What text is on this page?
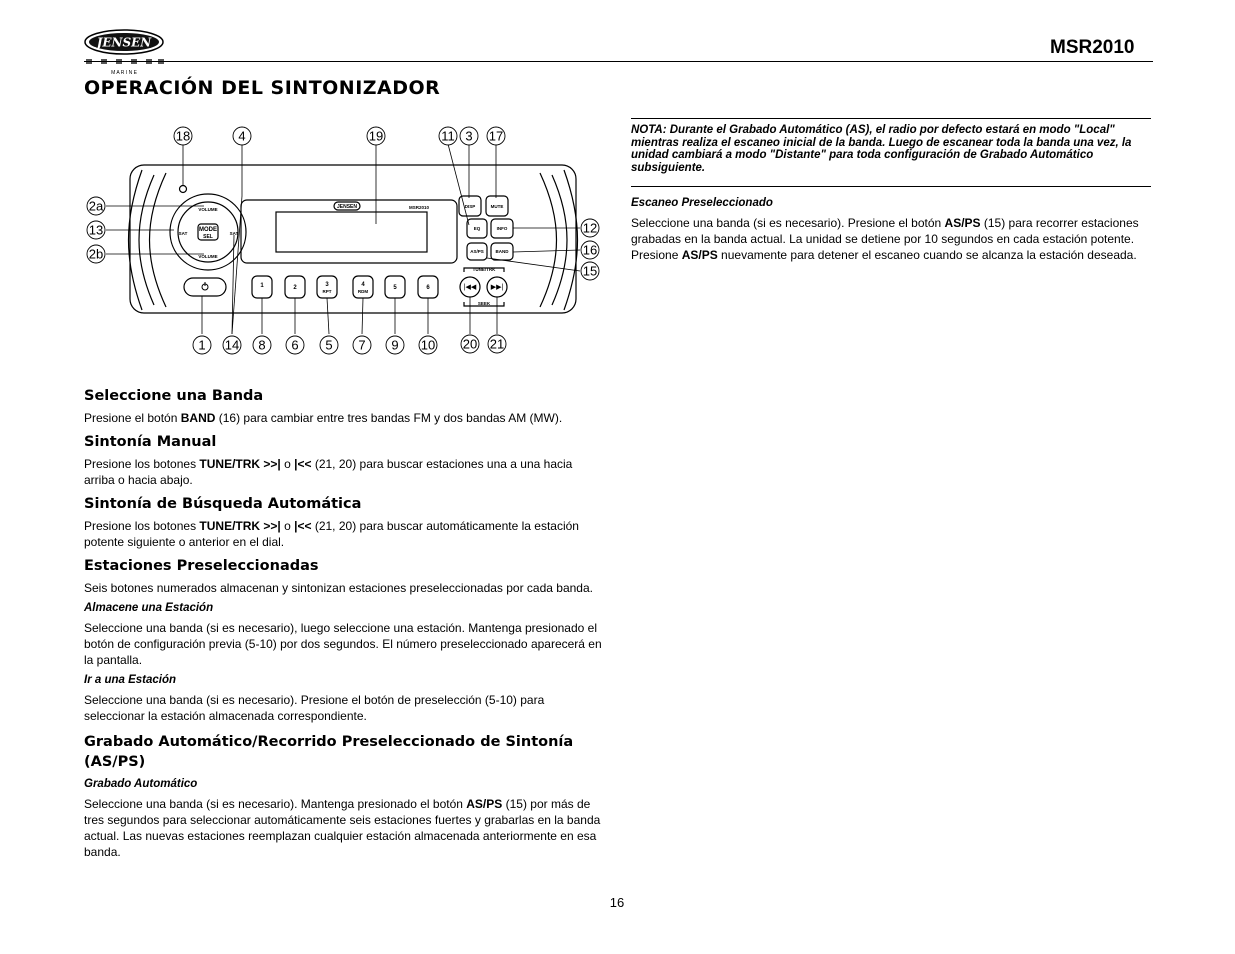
JENSEN
M A R I N E
MSR2010
OPERACIÓN DEL SINTONIZADOR
VOLUME
VOLUME
MODE
SEL
SAT	SAT
JENSEN	MSR2010	DISP	MUTE
EQ	INFO
AS/PS	BAND
TUNE/TRK
SEEK
1	2	3
RPT
4
RDM
5	6	|◀◀ ▶▶|
18	4	19	11 3 17
2a
13
2b
12
16
15
1 14 8 6 5 7 9 10 20 21
Seleccione una Banda

Presione el botón BAND (16) para cambiar entre tres bandas FM y dos bandas AM (MW).

Sintonía Manual

Presione los botones TUNE/TRK >>| o |<< (21, 20) para buscar estaciones una a una hacia arriba o hacia abajo.

Sintonía de Búsqueda Automática

Presione los botones TUNE/TRK >>| o |<< (21, 20) para buscar automáticamente la estación potente siguiente o anterior en el dial.

Estaciones Preseleccionadas

Seis botones numerados almacenan y sintonizan estaciones preseleccionadas por cada banda.

Almacene una Estación

Seleccione una banda (si es necesario), luego seleccione una estación. Mantenga presionado el botón de configuración previa (5-10) por dos segundos. El número preseleccionado aparecerá en la pantalla.

Ir a una Estación

Seleccione una banda (si es necesario). Presione el botón de preselección (5-10) para seleccionar la estación almacenada correspondiente.

Grabado Automático/Recorrido Preseleccionado de Sintonía (AS/PS)

Grabado Automático

Seleccione una banda (si es necesario). Mantenga presionado el botón AS/PS (15) por más de tres segundos para seleccionar automáticamente seis estaciones fuertes y grabarlas en la banda actual. Las nuevas estaciones reemplazan cualquier estación almacenada anteriormente en esa banda.

NOTA: Durante el Grabado Automático (AS), el radio por defecto estará en modo "Local" mientras realiza el escaneo inicial de la banda. Luego de escanear toda la banda una vez, la unidad cambiará a modo "Distante" para toda configuración de Grabado Automático subsiguiente.

Escaneo Preseleccionado

Seleccione una banda (si es necesario). Presione el botón AS/PS (15) para recorrer estaciones grabadas en la banda actual. La unidad se detiene por 10 segundos en cada estación potente. Presione AS/PS nuevamente para detener el escaneo cuando se alcanza la estación deseada.

16
